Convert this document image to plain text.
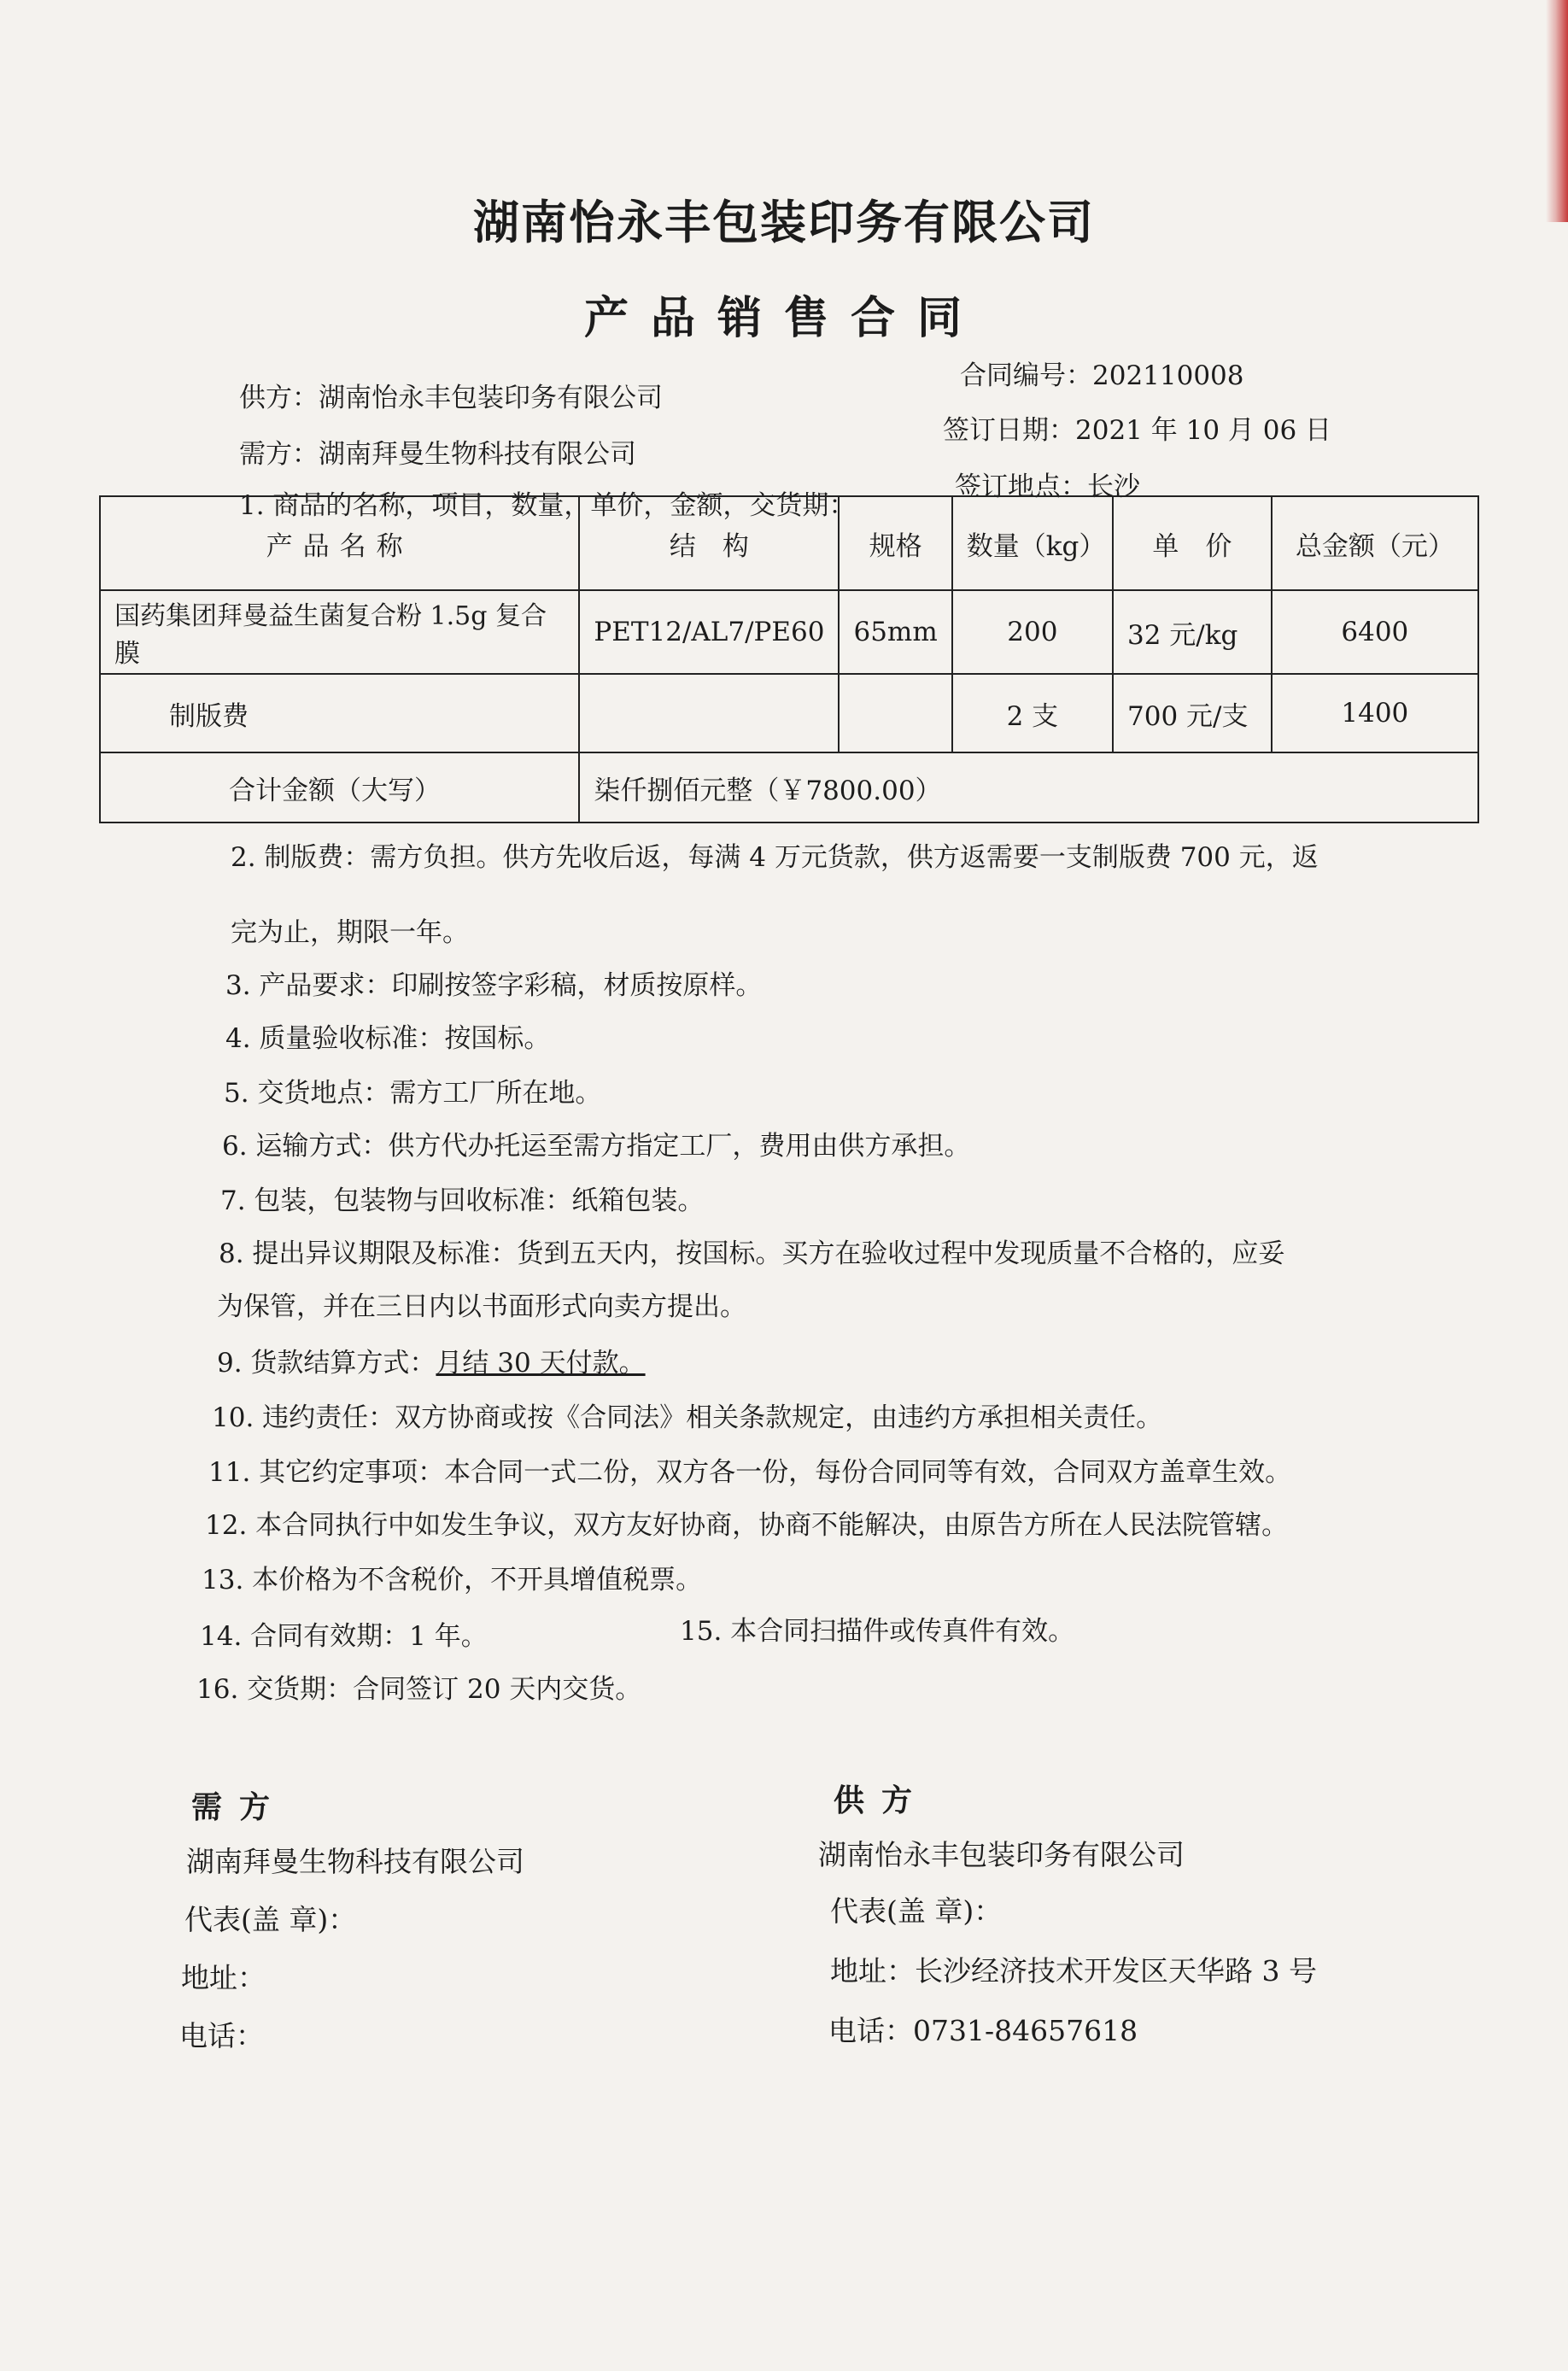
湖南怡永丰包装印务有限公司
产品销售合同
供方：湖南怡永丰包装印务有限公司
需方：湖南拜曼生物科技有限公司
合同编号：202110008
签订日期：2021 年 10 月 06 日
签订地点：长沙
1. 商品的名称，项目，数量，单价，金额，交货期：
产品名称	结　构	规格	数量（kg）	单　价	总金额（元）
国药集团拜曼益生菌复合粉 1.5g 复合膜	PET12/AL7/PE60	65mm	200	32 元/kg	6400
制版费			2 支	700 元/支	1400
合计金额（大写）	柒仟捌佰元整（￥7800.00）				
2. 制版费：需方负担。供方先收后返，每满 4 万元货款，供方返需要一支制版费 700 元，返
完为止，期限一年。
3. 产品要求：印刷按签字彩稿，材质按原样。
4. 质量验收标准：按国标。
5. 交货地点：需方工厂所在地。
6. 运输方式：供方代办托运至需方指定工厂，费用由供方承担。
7. 包装，包装物与回收标准：纸箱包装。
8. 提出异议期限及标准：货到五天内，按国标。买方在验收过程中发现质量不合格的，应妥
为保管，并在三日内以书面形式向卖方提出。
9. 货款结算方式：月结 30 天付款。
10. 违约责任：双方协商或按《合同法》相关条款规定，由违约方承担相关责任。
11. 其它约定事项：本合同一式二份，双方各一份，每份合同同等有效，合同双方盖章生效。
12. 本合同执行中如发生争议，双方友好协商，协商不能解决，由原告方所在人民法院管辖。
13. 本价格为不含税价，不开具增值税票。
14. 合同有效期：1 年。	15. 本合同扫描件或传真件有效。
16. 交货期：合同签订 20 天内交货。
需方
湖南拜曼生物科技有限公司
代表(盖 章)：
地址：
电话：
供方
湖南怡永丰包装印务有限公司
代表(盖 章)：
地址：长沙经济技术开发区天华路 3 号
电话：0731-84657618
